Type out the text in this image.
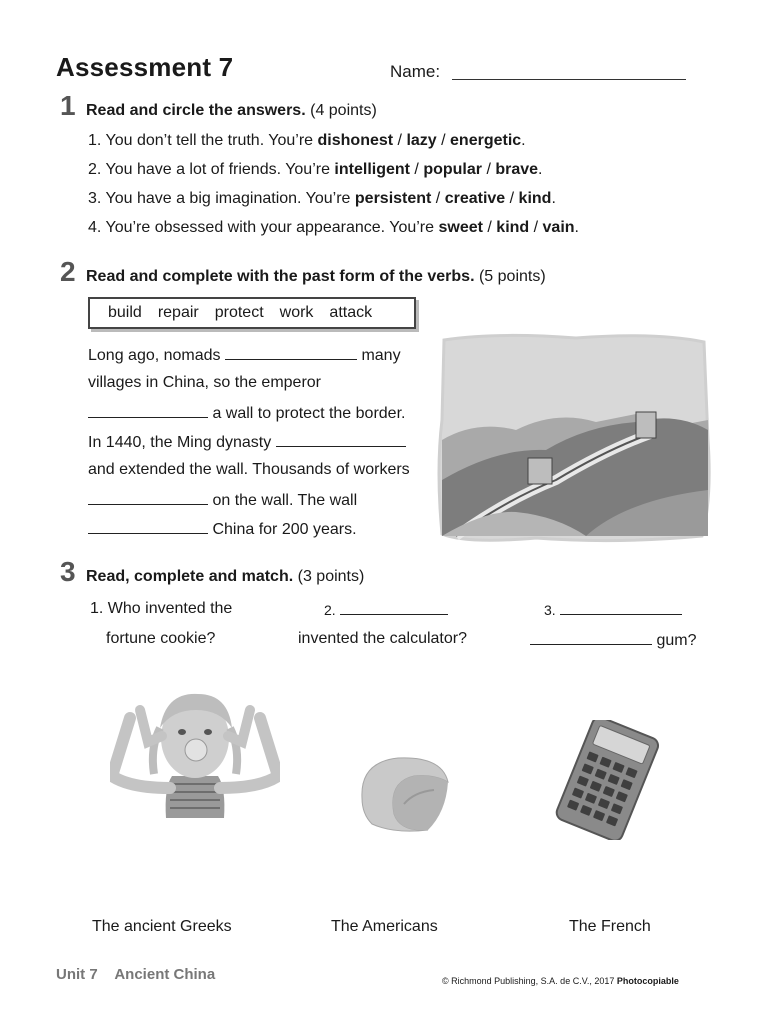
Assessment 7	Name:
1 Read and circle the answers. (4 points)
1. You don’t tell the truth. You’re dishonest / lazy / energetic.
2. You have a lot of friends. You’re intelligent / popular / brave.
3. You have a big imagination. You’re persistent / creative / kind.
4. You’re obsessed with your appearance. You’re sweet / kind / vain.
2 Read and complete with the past form of the verbs. (5 points)
build repair protect work attack
Long ago, nomads	many
villages in China, so the emperor
a wall to protect the border.
In 1440, the Ming dynasty
and extended the wall. Thousands of workers
on the wall. The wall
China for 200 years.
3 Read, complete and match. (3 points)
1. Who invented the
fortune cookie?
2.
invented the calculator?
3.
gum?
The ancient Greeks	The Americans	The French
Unit 7 Ancient China	© Richmond Publishing, S.A. de C.V., 2017 Photocopiable
